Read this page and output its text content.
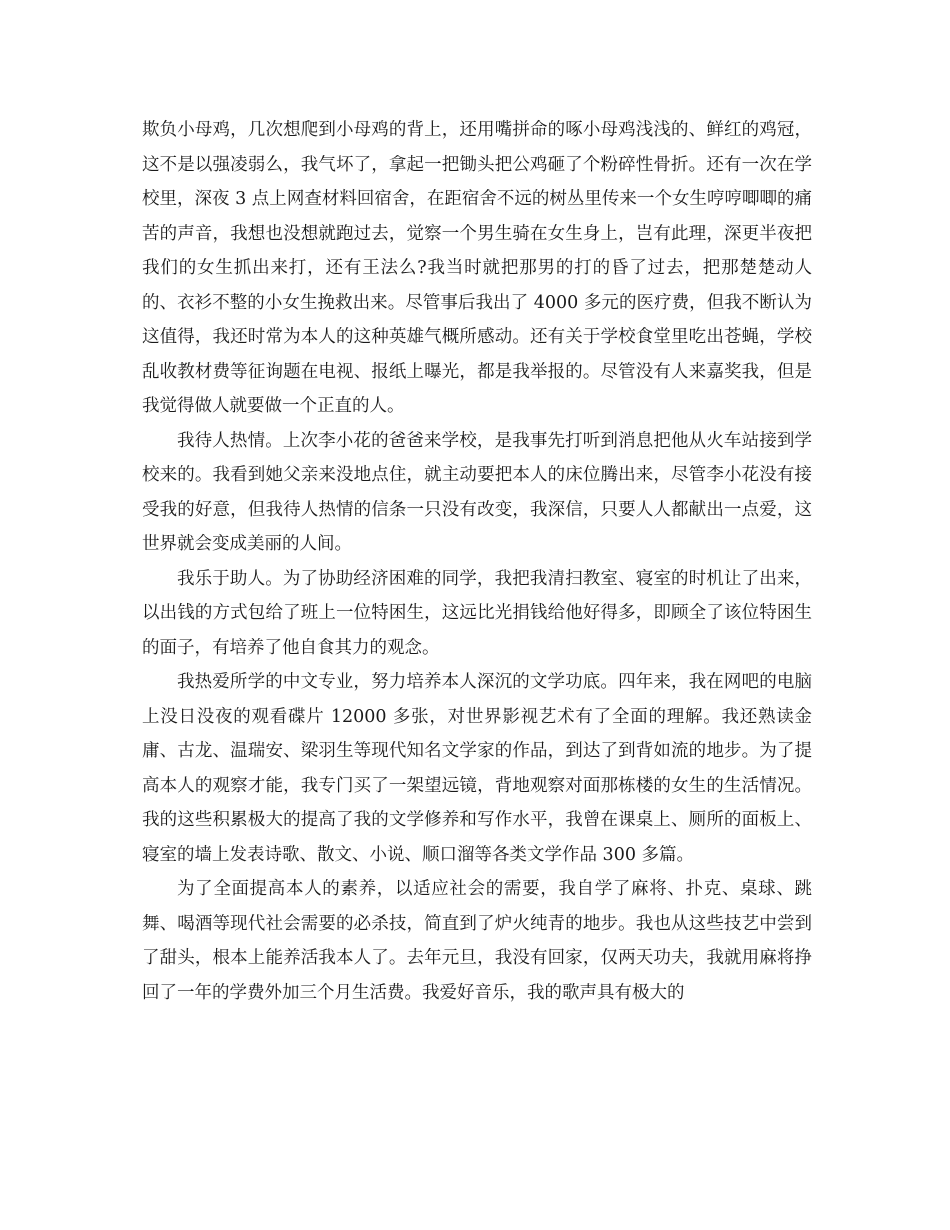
欺负小母鸡，几次想爬到小母鸡的背上，还用嘴拼命的啄小母鸡浅浅的、鲜红的鸡冠，这不是以强凌弱么，我气坏了，拿起一把锄头把公鸡砸了个粉碎性骨折。还有一次在学校里，深夜 3 点上网查材料回宿舍，在距宿舍不远的树丛里传来一个女生哼哼唧唧的痛苦的声音，我想也没想就跑过去，觉察一个男生骑在女生身上，岂有此理，深更半夜把我们的女生抓出来打，还有王法么?我当时就把那男的打的昏了过去，把那楚楚动人的、衣衫不整的小女生挽救出来。尽管事后我出了 4000 多元的医疗费，但我不断认为这值得，我还时常为本人的这种英雄气概所感动。还有关于学校食堂里吃出苍蝇，学校乱收教材费等征询题在电视、报纸上曝光，都是我举报的。尽管没有人来嘉奖我，但是我觉得做人就要做一个正直的人。

我待人热情。上次李小花的爸爸来学校，是我事先打听到消息把他从火车站接到学校来的。我看到她父亲来没地点住，就主动要把本人的床位腾出来，尽管李小花没有接受我的好意，但我待人热情的信条一只没有改变，我深信，只要人人都献出一点爱，这世界就会变成美丽的人间。

我乐于助人。为了协助经济困难的同学，我把我清扫教室、寝室的时机让了出来，以出钱的方式包给了班上一位特困生，这远比光捐钱给他好得多，即顾全了该位特困生的面子，有培养了他自食其力的观念。

我热爱所学的中文专业，努力培养本人深沉的文学功底。四年来，我在网吧的电脑上没日没夜的观看碟片 12000 多张，对世界影视艺术有了全面的理解。我还熟读金庸、古龙、温瑞安、梁羽生等现代知名文学家的作品，到达了到背如流的地步。为了提高本人的观察才能，我专门买了一架望远镜，背地观察对面那栋楼的女生的生活情况。我的这些积累极大的提高了我的文学修养和写作水平，我曾在课桌上、厕所的面板上、寝室的墙上发表诗歌、散文、小说、顺口溜等各类文学作品 300 多篇。

为了全面提高本人的素养，以适应社会的需要，我自学了麻将、扑克、桌球、跳舞、喝酒等现代社会需要的必杀技，简直到了炉火纯青的地步。我也从这些技艺中尝到了甜头，根本上能养活我本人了。去年元旦，我没有回家，仅两天功夫，我就用麻将挣回了一年的学费外加三个月生活费。我爱好音乐，我的歌声具有极大的
